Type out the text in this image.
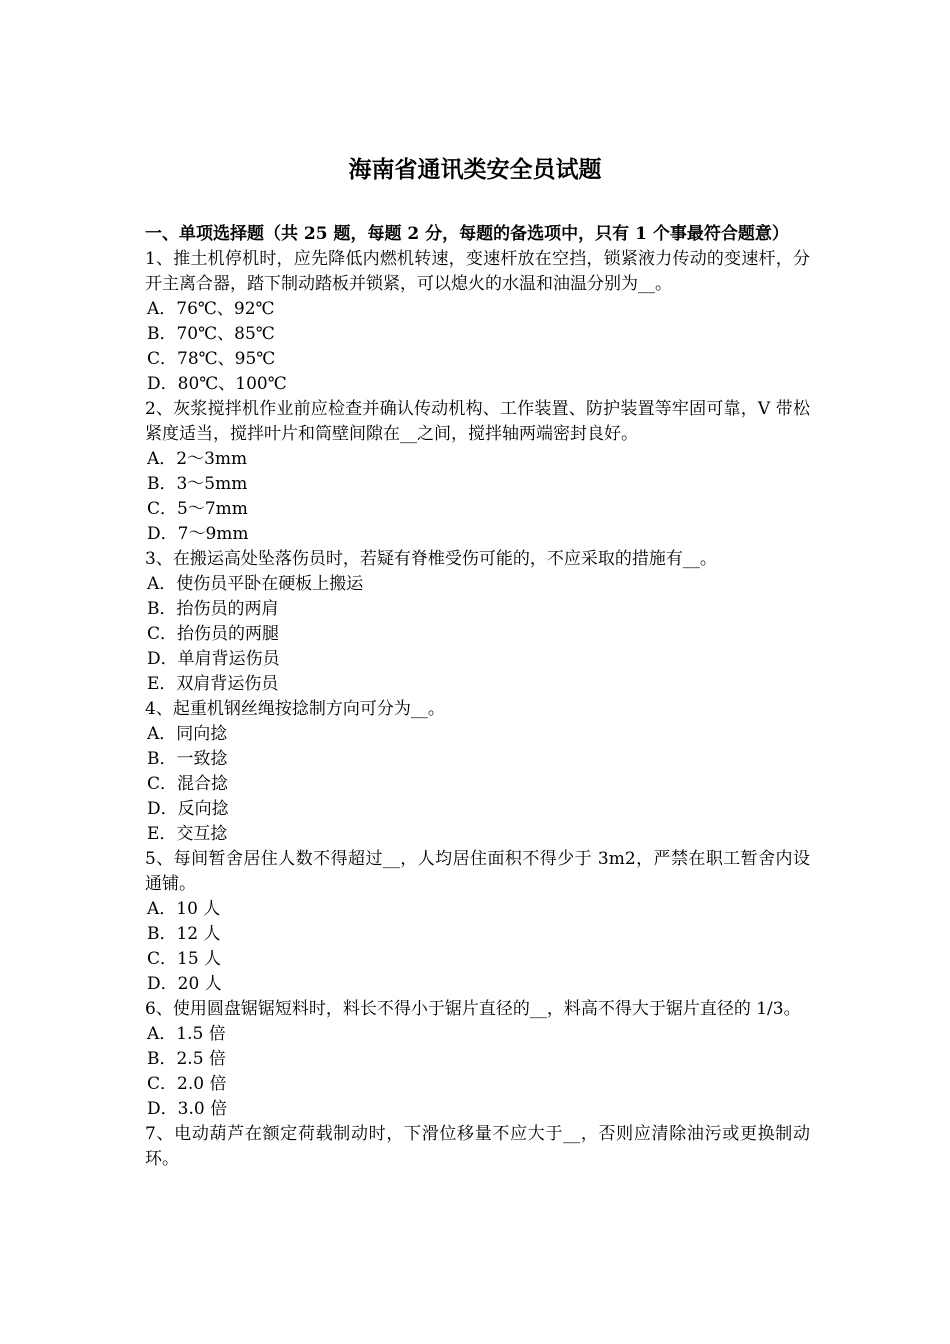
海南省通讯类安全员试题
一、单项选择题（共 25 题，每题 2 分，每题的备选项中，只有 1 个事最符合题意）
1、推土机停机时，应先降低内燃机转速，变速杆放在空挡，锁紧液力传动的变速杆，分开主离合器，踏下制动踏板并锁紧，可以熄火的水温和油温分别为__。
A．76℃、92℃
B．70℃、85℃
C．78℃、95℃
D．80℃、100℃
2、灰浆搅拌机作业前应检查并确认传动机构、工作装置、防护装置等牢固可靠，V 带松紧度适当，搅拌叶片和筒壁间隙在__之间，搅拌轴两端密封良好。
A．2～3mm
B．3～5mm
C．5～7mm
D．7～9mm
3、在搬运高处坠落伤员时，若疑有脊椎受伤可能的，不应采取的措施有__。
A．使伤员平卧在硬板上搬运
B．抬伤员的两肩
C．抬伤员的两腿
D．单肩背运伤员
E．双肩背运伤员
4、起重机钢丝绳按捻制方向可分为__。
A．同向捻
B．一致捻
C．混合捻
D．反向捻
E．交互捻
5、每间暂舍居住人数不得超过__，人均居住面积不得少于 3m2，严禁在职工暂舍内设通铺。
A．10 人
B．12 人
C．15 人
D．20 人
6、使用圆盘锯锯短料时，料长不得小于锯片直径的__，料高不得大于锯片直径的 1/3。
A．1.5 倍
B．2.5 倍
C．2.0 倍
D．3.0 倍
7、电动葫芦在额定荷载制动时，下滑位移量不应大于__，否则应清除油污或更换制动环。
